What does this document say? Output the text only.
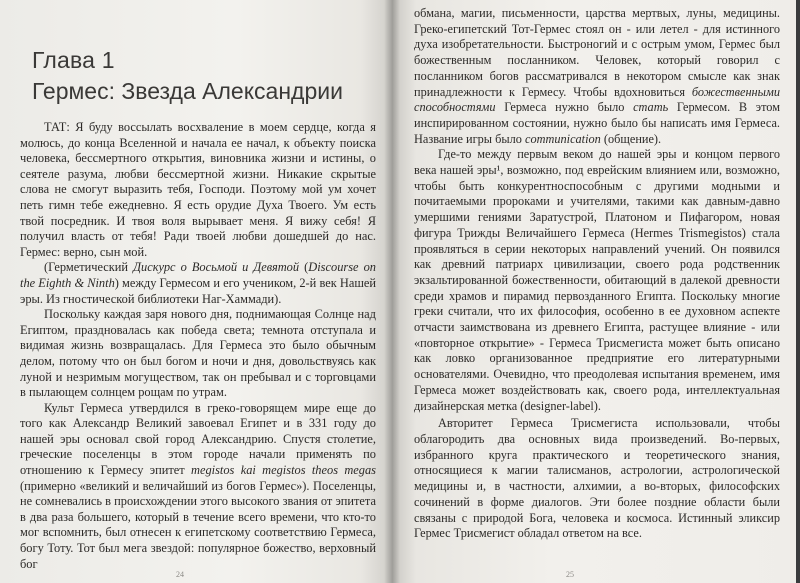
Глава 1
Гермес: Звезда Александрии

ТАТ: Я буду воссылать восхваление в моем сердце, когда я молюсь, до конца Вселенной и начала ее начал, к объекту поиска человека, бессмертного открытия, виновника жизни и истины, о сеятеле разума, любви бессмертной жизни. Никакие скрытые слова не смогут выразить тебя, Господи. Поэтому мой ум хочет петь гимн тебе ежедневно. Я есть орудие Духа Твоего. Ум есть твой посредник. И твоя воля вырывает меня. Я вижу себя! Я получил власть от тебя! Ради твоей любви дошедшей до нас. Гермес: верно, сын мой.

(Герметический Дискурс о Восьмой и Девятой (Discourse on the Eighth & Ninth) между Гермесом и его учеником, 2-й век Нашей эры. Из гностической библиотеки Наг-Хаммади).

Поскольку каждая заря нового дня, поднимающая Солнце над Египтом, праздновалась как победа света; темнота отступала и видимая жизнь возвращалась. Для Гермеса это было обычным делом, потому что он был богом и ночи и дня, довольствуясь как луной и незримым могуществом, так он пребывал и с торговцами в пылающем солнцем рощам по утрам.

Культ Гермеса утвердился в греко-говорящем мире еще до того как Александр Великий завоевал Египет и в 331 году до нашей эры основал свой город Александрию. Спустя столетие, греческие поселенцы в этом городе начали применять по отношению к Гермесу эпитет megistos kai megistos theos megas (примерно «великий и величайший из богов Гермес»). Поселенцы, не сомневались в происхождении этого высокого звания от эпитета в два раза большего, который в течение всего времени, что кто-то мог вспомнить, был отнесен к египетскому соответствию Гермеса, богу Тоту. Тот был мега звездой: популярное божество, верховный бог

24

обмана, магии, письменности, царства мертвых, луны, медицины. Греко-египетский Тот-Гермес стоял он - или летел - для истинного духа изобретательности. Быстроногий и с острым умом, Гермес был божественным посланником. Человек, который говорил с посланником богов рассматривался в некотором смысле как знак принадлежности к Гермесу. Чтобы вдохновиться божественными способностями Гермеса нужно было стать Гермесом. В этом инспирированном состоянии, нужно было бы написать имя Гермеса. Название игры было communication (общение).

Где-то между первым веком до нашей эры и концом первого века нашей эры¹, возможно, под еврейским влиянием или, возможно, чтобы быть конкурентноспособным с другими модными и почитаемыми пророками и учителями, такими как давным-давно умершими гениями Заратустрой, Платоном и Пифагором, новая фигура Трижды Величайшего Гермеса (Hermes Trismegistos) стала проявляться в серии некоторых направлений учений. Он появился как древний патриарх цивилизации, своего рода родственник экзальтированной божественности, обитающий в далекой древности среди храмов и пирамид первозданного Египта. Поскольку многие греки считали, что их философия, особенно в ее духовном аспекте отчасти заимствована из древнего Египта, растущее влияние - или «повторное открытие» - Гермеса Трисмегиста может быть описано как ловко организованное предприятие его литературными основателями. Очевидно, что преодолевая испытания временем, имя Гермеса может воздействовать как, своего рода, интеллектуальная дизайнерская метка (designer-label).

Авторитет Гермеса Трисмегиста использовали, чтобы облагородить два основных вида произведений. Во-первых, избранного круга практического и теоретического знания, относящиеся к магии талисманов, астрологии, астрологической медицины и, в частности, алхимии, а во-вторых, философских сочинений в форме диалогов. Эти более поздние области были связаны с природой Бога, человека и космоса. Истинный эликсир Гермес Трисмегист обладал ответом на все.

25
